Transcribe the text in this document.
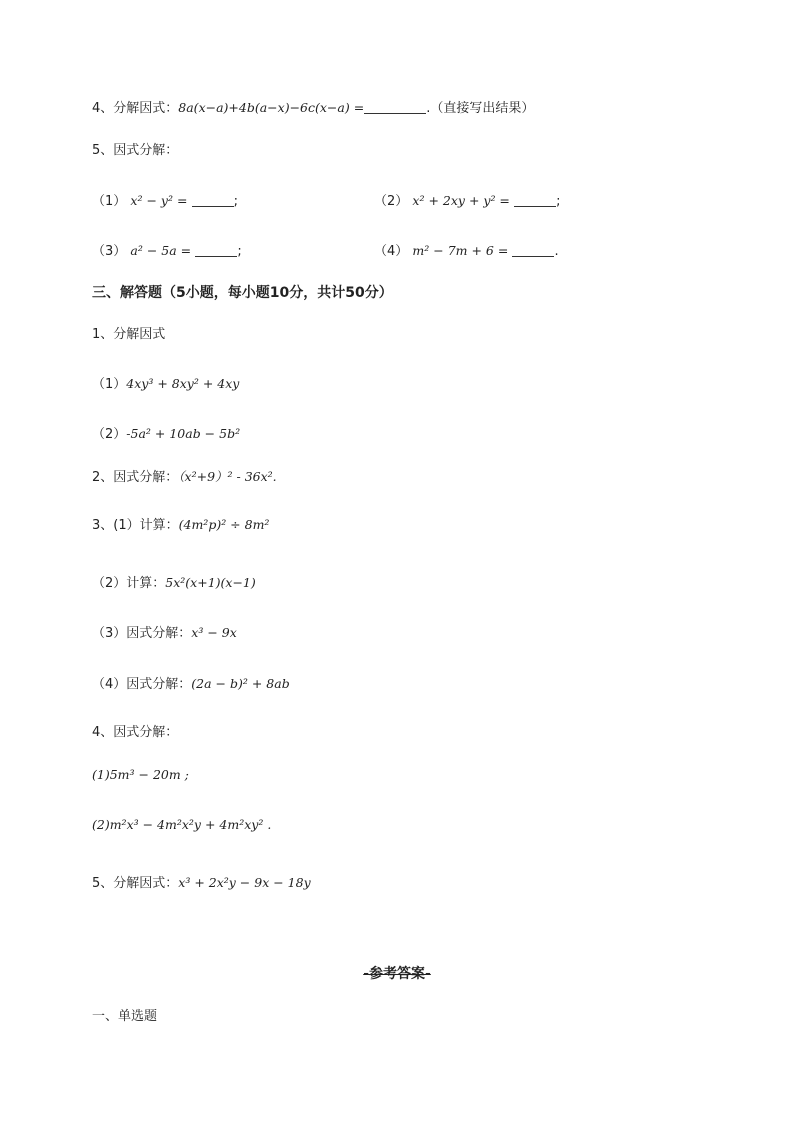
4、分解因式：8a(x−a)+4b(a−x)−6c(x−a) =	.（直接写出结果）
5、因式分解：
（1） x² − y² =	;	（2） x² + 2xy + y² =	;
（3） a² − 5a =	;	（4） m² − 7m + 6 =	.
三、解答题（5小题，每小题10分，共计50分）
1、分解因式
（1）4xy³ + 8xy² + 4xy
（2）-5a² + 10ab − 5b²
2、因式分解：（x²+9）² - 36x².
3、(1）计算：(4m²p)² ÷ 8m²
（2）计算：5x²(x+1)(x−1)
（3）因式分解：x³ − 9x
（4）因式分解：(2a − b)² + 8ab
4、因式分解：
(1)5m³ − 20m ;
(2)m²x³ − 4m²x²y + 4m²xy² .
5、分解因式：x³ + 2x²y − 9x − 18y
-参考答案-
一、单选题
